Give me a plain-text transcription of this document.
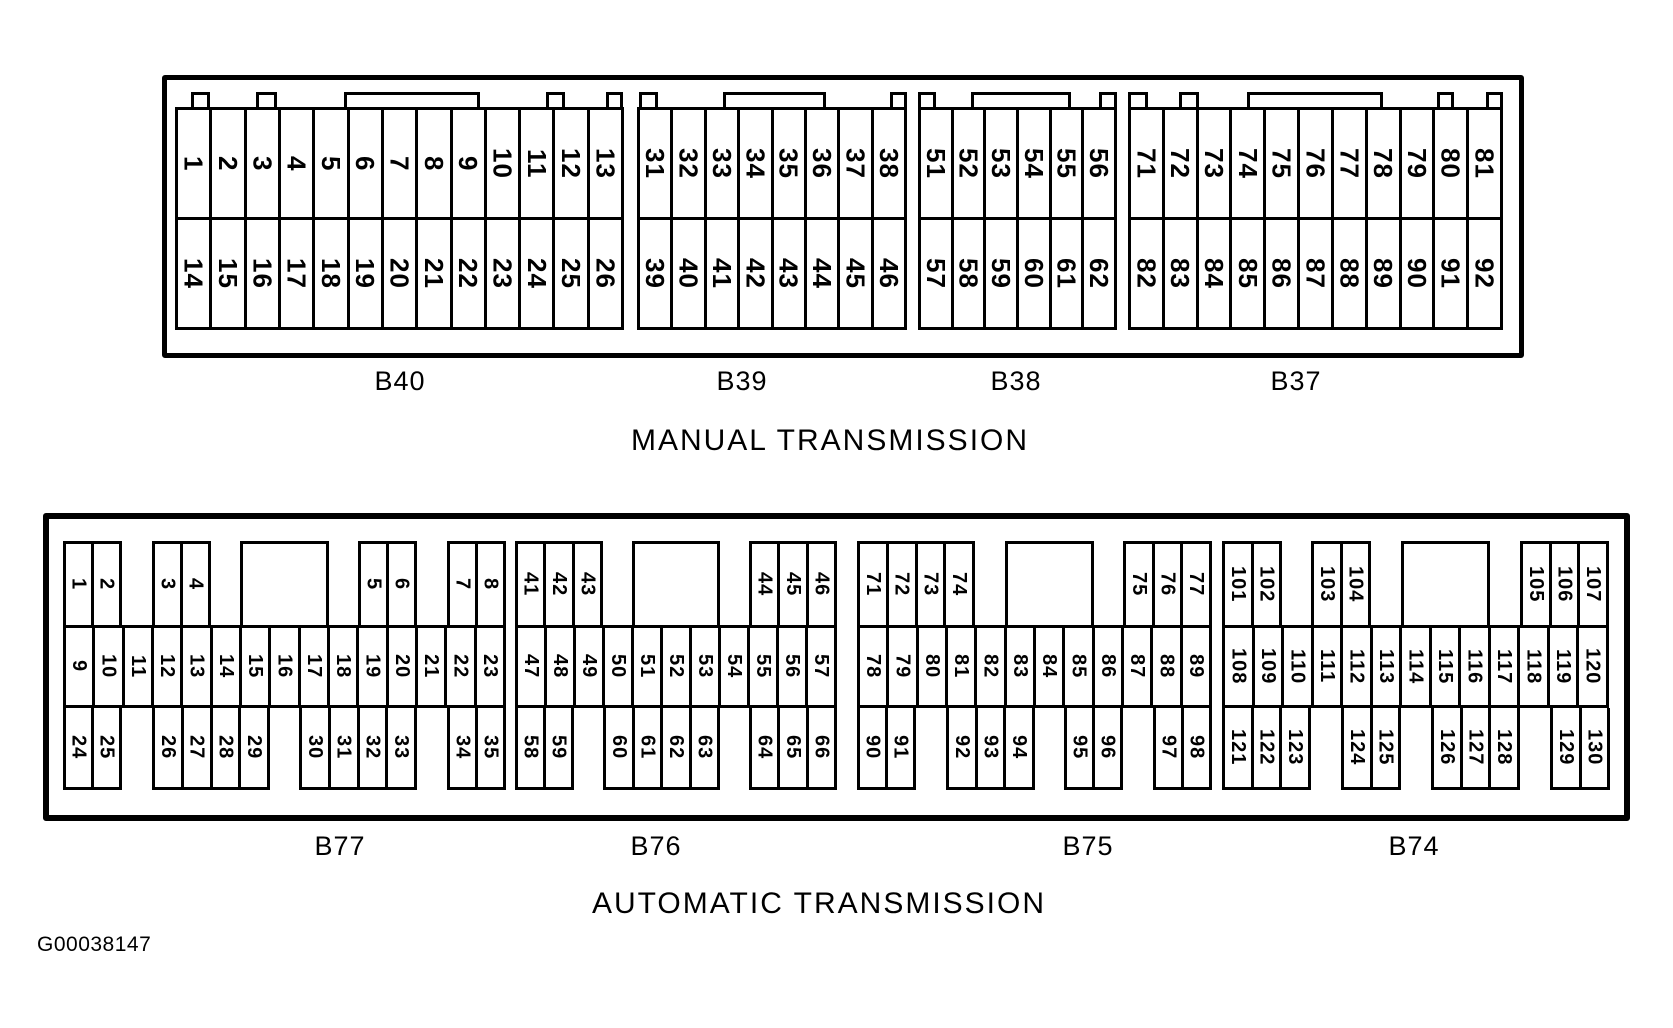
1 2 3 4 5 6 7 8 9 10 11 12 13
14 15 16 17 18 19 20 21 22 23 24 25 26
31 32 33 34 35 36 37 38
39 40 41 42 43 44 45 46
51 52 53 54 55 56
57 58 59 60 61 62
71 72 73 74 75 76 77 78 79 80 81
82 83 84 85 86 87 88 89 90 91 92
MANUAL TRANSMISSION
9 10 11 12 13 14 15 16 17 18 19 20 21 22 23
1 2 3 4	5 6 7 8
24 25 26 27 28 29 30 31 32 33 34 35
47 48 49 50 51 52 53 54 55 56 57
41 42 43	44 45 46
58 59 60 61 62 63 64 65 66
78 79 80 81 82 83 84 85 86 87 88 89
71 72 73 74	75 76 77
90 91 92 93 94 95 96 97 98
108 109 110 111 112 113 114 115 116 117 118 119 120
101 102 103 104	105 106 107
121 122 123 124 125 126 127 128 129 130
AUTOMATIC TRANSMISSION
G00038147
B40	B39	B38	B37
B77	B76	B75	B74
